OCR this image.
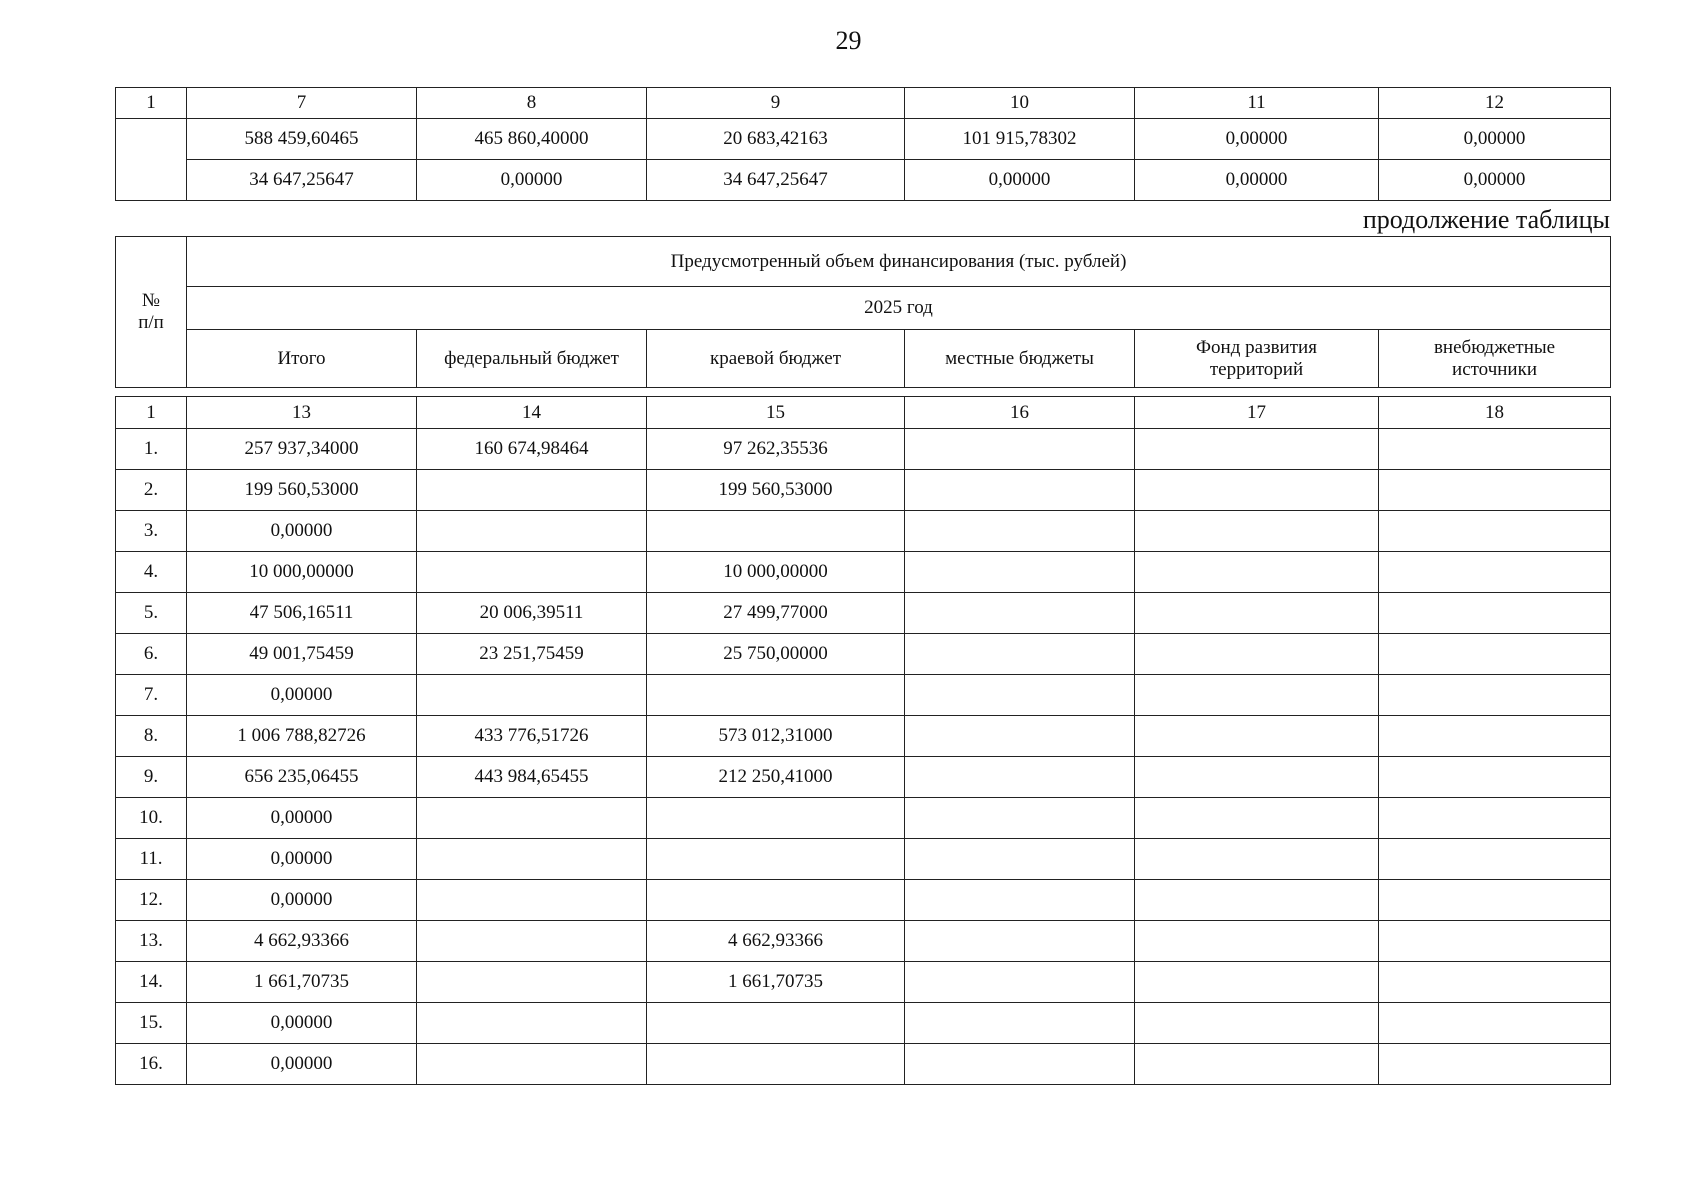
29
1	7	8	9	10	11	12
	588 459,60465	465 860,40000	20 683,42163	101 915,78302	0,00000	0,00000
	34 647,25647	0,00000	34 647,25647	0,00000	0,00000	0,00000
продолжение таблицы
№ п/п	Предусмотренный объем финансирования (тыс. рублей)					
	2025 год					
	Итого	федеральный бюджет	краевой бюджет	местные бюджеты	Фонд развития территорий	внебюджетные источники
1	13	14	15	16	17	18
1.	257 937,34000	160 674,98464	97 262,35536			
2.	199 560,53000		199 560,53000			
3.	0,00000					
4.	10 000,00000		10 000,00000			
5.	47 506,16511	20 006,39511	27 499,77000			
6.	49 001,75459	23 251,75459	25 750,00000			
7.	0,00000					
8.	1 006 788,82726	433 776,51726	573 012,31000			
9.	656 235,06455	443 984,65455	212 250,41000			
10.	0,00000					
11.	0,00000					
12.	0,00000					
13.	4 662,93366		4 662,93366			
14.	1 661,70735		1 661,70735			
15.	0,00000					
16.	0,00000					
